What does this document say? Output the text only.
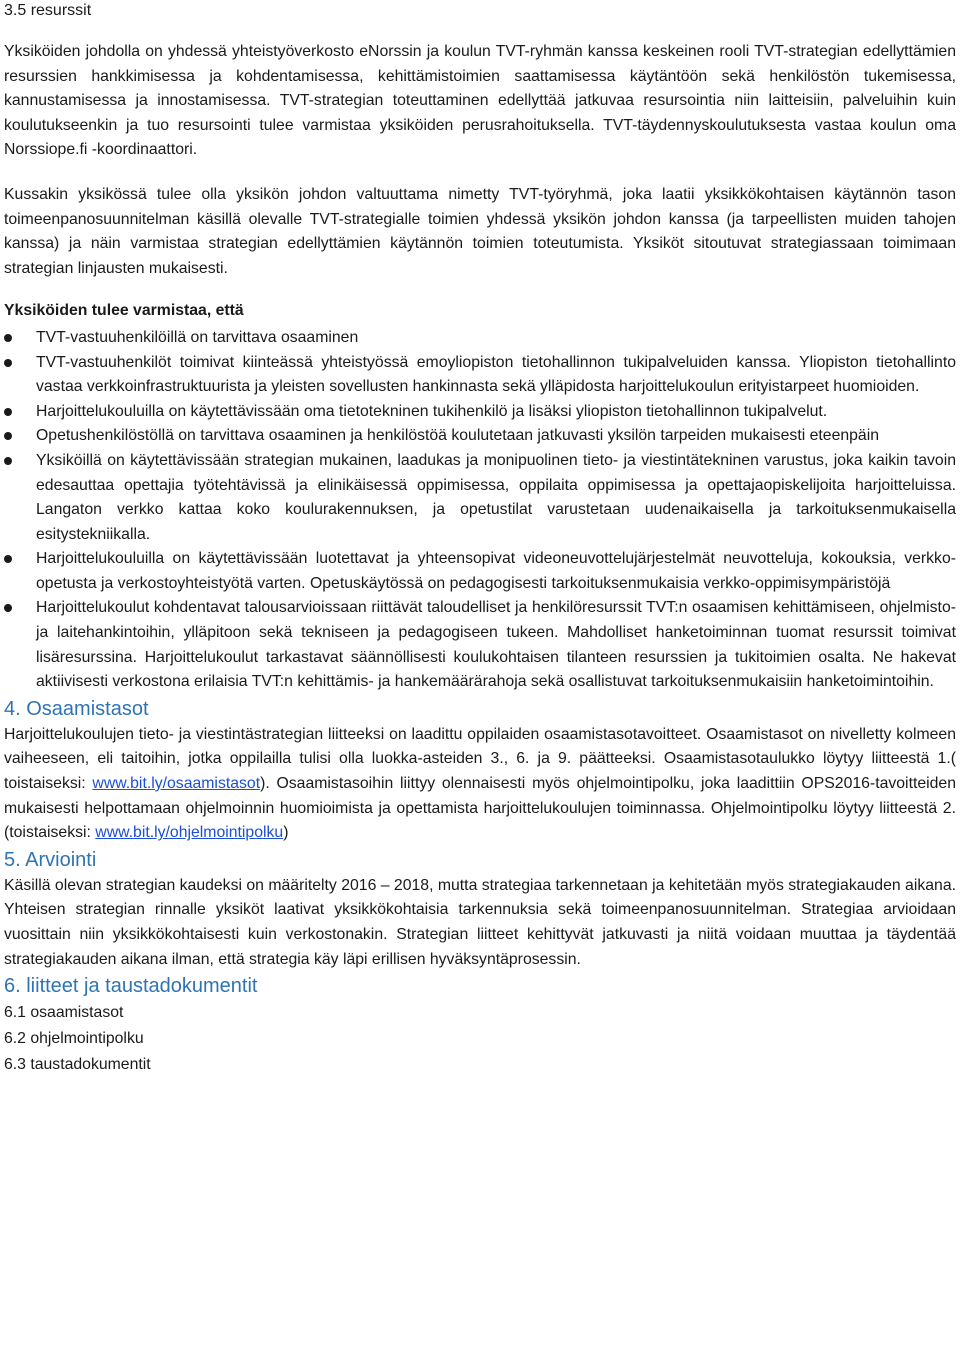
3.5 resurssit

Yksiköiden johdolla on yhdessä yhteistyöverkosto eNorssin ja koulun TVT-ryhmän kanssa keskeinen rooli TVT-strategian edellyttämien resurssien hankkimisessa ja kohdentamisessa, kehittämistoimien saattamisessa käytäntöön sekä henkilöstön tukemisessa, kannustamisessa ja innostamisessa. TVT-strategian toteuttaminen edellyttää jatkuvaa resursointia niin laitteisiin, palveluihin kuin koulutukseenkin ja tuo resursointi tulee varmistaa yksiköiden perusrahoituksella. TVT-täydennyskoulutuksesta vastaa koulun oma Norssiope.fi -koordinaattori.

Kussakin yksikössä tulee olla yksikön johdon valtuuttama nimetty TVT-työryhmä, joka laatii yksikkökohtaisen käytännön tason toimeenpanosuunnitelman käsillä olevalle TVT-strategialle toimien yhdessä yksikön johdon kanssa (ja tarpeellisten muiden tahojen kanssa) ja näin varmistaa strategian edellyttämien käytännön toimien toteutumista. Yksiköt sitoutuvat strategiassaan toimimaan strategian linjausten mukaisesti.

Yksiköiden tulee varmistaa, että

TVT-vastuuhenkilöillä on tarvittava osaaminen
TVT-vastuuhenkilöt toimivat kiinteässä yhteistyössä emoyliopiston tietohallinnon tukipalveluiden kanssa. Yliopiston tietohallinto vastaa verkkoinfrastruktuurista ja yleisten sovellusten hankinnasta sekä ylläpidosta harjoittelukoulun erityistarpeet huomioiden.
Harjoittelukouluilla on käytettävissään oma tietotekninen tukihenkilö ja lisäksi yliopiston tietohallinnon tukipalvelut.
Opetushenkilöstöllä on tarvittava osaaminen ja henkilöstöä koulutetaan jatkuvasti yksilön tarpeiden mukaisesti eteenpäin
Yksiköillä on käytettävissään strategian mukainen, laadukas ja monipuolinen tieto- ja viestintätekninen varustus, joka kaikin tavoin edesauttaa opettajia työtehtävissä ja elinikäisessä oppimisessa, oppilaita oppimisessa ja opettajaopiskelijoita harjoitteluissa. Langaton verkko kattaa koko koulurakennuksen, ja opetustilat varustetaan uudenaikaisella ja tarkoituksenmukaisella esitystekniikalla.
Harjoittelukouluilla on käytettävissään luotettavat ja yhteensopivat videoneuvottelujärjestelmät neuvotteluja, kokouksia, verkko-opetusta ja verkostoyhteistyötä varten. Opetuskäytössä on pedagogisesti tarkoituksenmukaisia verkko-oppimisympäristöjä
Harjoittelukoulut kohdentavat talousarvioissaan riittävät taloudelliset ja henkilöresurssit TVT:n osaamisen kehittämiseen, ohjelmisto- ja laitehankintoihin, ylläpitoon sekä tekniseen ja pedagogiseen tukeen. Mahdolliset hanketoiminnan tuomat resurssit toimivat lisäresurssina. Harjoittelukoulut tarkastavat säännöllisesti koulukohtaisen tilanteen resurssien ja tukitoimien osalta. Ne hakevat aktiivisesti verkostona erilaisia TVT:n kehittämis- ja hankemäärärahoja sekä osallistuvat tarkoituksenmukaisiin hanketoimintoihin.
4. Osaamistasot

Harjoittelukoulujen tieto- ja viestintästrategian liitteeksi on laadittu oppilaiden osaamistasotavoitteet. Osaamistasot on nivelletty kolmeen vaiheeseen, eli taitoihin, jotka oppilailla tulisi olla luokka-asteiden 3., 6. ja 9. päätteeksi. Osaamistasotaulukko löytyy liitteestä 1.( toistaiseksi: www.bit.ly/osaamistasot). Osaamistasoihin liittyy olennaisesti myös ohjelmointipolku, joka laadittiin OPS2016-tavoitteiden mukaisesti helpottamaan ohjelmoinnin huomioimista ja opettamista harjoittelukoulujen toiminnassa. Ohjelmointipolku löytyy liitteestä 2. (toistaiseksi: www.bit.ly/ohjelmointipolku)

5. Arviointi

Käsillä olevan strategian kaudeksi on määritelty 2016 – 2018, mutta strategiaa tarkennetaan ja kehitetään myös strategiakauden aikana. Yhteisen strategian rinnalle yksiköt laativat yksikkökohtaisia tarkennuksia sekä toimeenpanosuunnitelman. Strategiaa arvioidaan vuosittain niin yksikkökohtaisesti kuin verkostonakin. Strategian liitteet kehittyvät jatkuvasti ja niitä voidaan muuttaa ja täydentää strategiakauden aikana ilman, että strategia käy läpi erillisen hyväksyntäprosessin.

6. liitteet ja taustadokumentit
6.1 osaamistasot
6.2 ohjelmointipolku
6.3 taustadokumentit
